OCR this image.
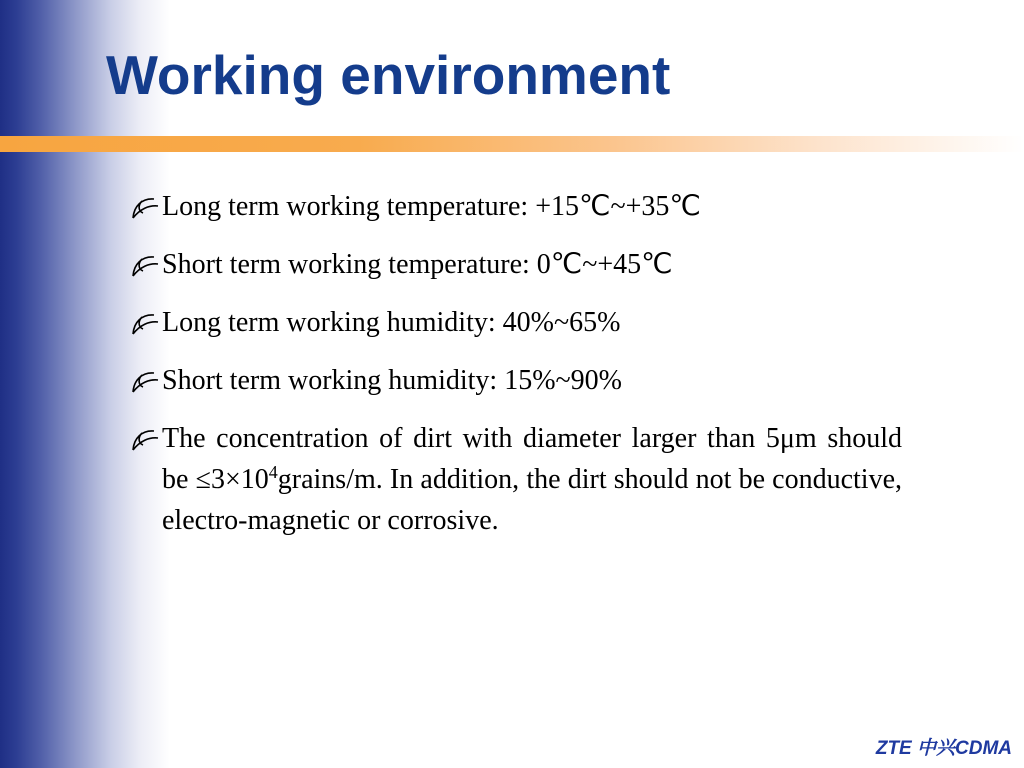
Working environment
Long term working temperature: +15℃~+35℃
Short term working temperature: 0℃~+45℃
Long term working humidity: 40%~65%
Short term working humidity: 15%~90%
The concentration of dirt with diameter larger than 5μm should be $\le 3\times 10^4grains/m$. In addition, the dirt should not be conductive, electro-magnetic or corrosive.
ZTE 中兴CDMA
